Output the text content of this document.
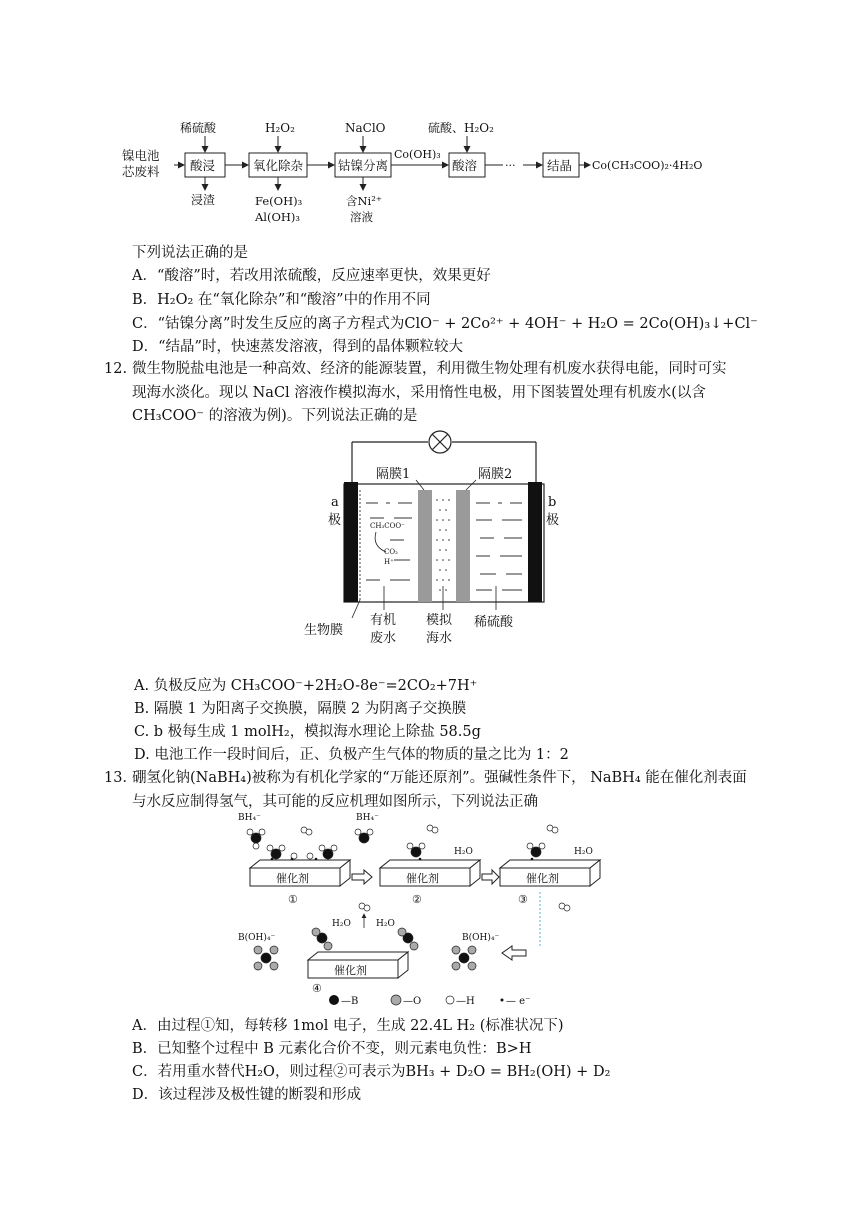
镍电池
芯废料 酸浸	氧化除杂	钴镍分离
Co(OH)₃
酸溶	···	结晶 Co(CH₃COO)₂·4H₂O
稀硫酸	H₂O₂	NaClO	硫酸、H₂O₂
浸渣	Fe(OH)₃
Al(OH)₃
含Ni²⁺
溶液
下列说法正确的是
A．“酸溶”时，若改用浓硫酸，反应速率更快，效果更好
B．H₂O₂ 在“氧化除杂”和“酸溶”中的作用不同
C．“钴镍分离”时发生反应的离子方程式为ClO⁻ + 2Co²⁺ + 4OH⁻ + H₂O = 2Co(OH)₃↓+Cl⁻
D．“结晶”时，快速蒸发溶液，得到的晶体颗粒较大
12. 微生物脱盐电池是一种高效、经济的能源装置，利用微生物处理有机废水获得电能，同时可实
现海水淡化。现以 NaCl 溶液作模拟海水，采用惰性电极，用下图装置处理有机废水(以含
CH₃COO⁻ 的溶液为例)。下列说法正确的是
CH₃COO⁻
CO₂
H⁺
隔膜1	隔膜2
a
极
b
极
生物膜
有机
废水
模拟
海水
稀硫酸
A. 负极反应为 CH₃COO⁻+2H₂O-8e⁻=2CO₂+7H⁺
B. 隔膜 1 为阳离子交换膜，隔膜 2 为阴离子交换膜
C. b 极每生成 1 molH₂，模拟海水理论上除盐 58.5g
D. 电池工作一段时间后，正、负极产生气体的物质的量之比为 1：2
13．
硼氢化钠(NaBH₄)被称为有机化学家的“万能还原剂”。强碱性条件下， NaBH₄ 能在催化剂表面
与水反应制得氢气，其可能的反应机理如图所示，下列说法正确
催化剂
①
催化剂
②
催化剂
③
BH₄⁻	BH₄⁻
H₂O	H₂O
催化剂
④
B(OH)₄⁻	B(OH)₄⁻
H₂O	H₂O
—B	—O	—H	— e⁻
A．由过程①知，每转移 1mol 电子，生成 22.4L H₂ (标准状况下)
B．已知整个过程中 B 元素化合价不变，则元素电负性：B>H
C．若用重水替代H₂O，则过程②可表示为BH₃ + D₂O = BH₂(OH) + D₂
D．该过程涉及极性键的断裂和形成
